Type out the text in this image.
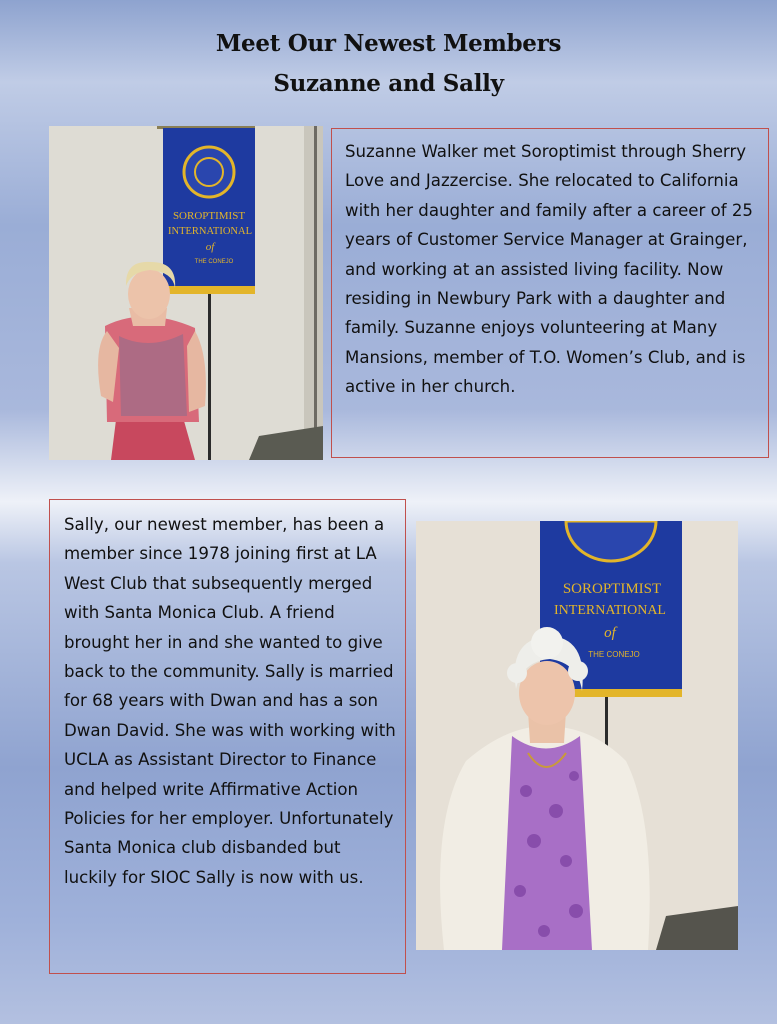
Meet Our Newest Members
Suzanne and Sally
SOROPTIMIST
INTERNATIONAL
of
THE CONEJO

Suzanne Walker met Soroptimist through Sherry Love and Jazzercise. She relocated to California with her daughter and family after a career of 25 years of Customer Service Manager at Grainger, and working at an assisted living facility. Now residing in Newbury Park with a daughter and family. Suzanne enjoys volunteering at Many Mansions, member of T.O. Women’s Club, and is active in her church.

Sally, our newest member, has been a member since 1978 joining first at LA West Club that subsequently merged with Santa Monica Club. A friend brought her in and she wanted to give back to the community. Sally is married for 68 years with Dwan and has a son Dwan David. She was with working with UCLA as Assistant Director to Finance and helped write Affirmative Action Policies for her employer. Unfortunately Santa Monica club disbanded but luckily for SIOC Sally is now with us.

SOROPTIMIST
INTERNATIONAL
of
THE CONEJO
